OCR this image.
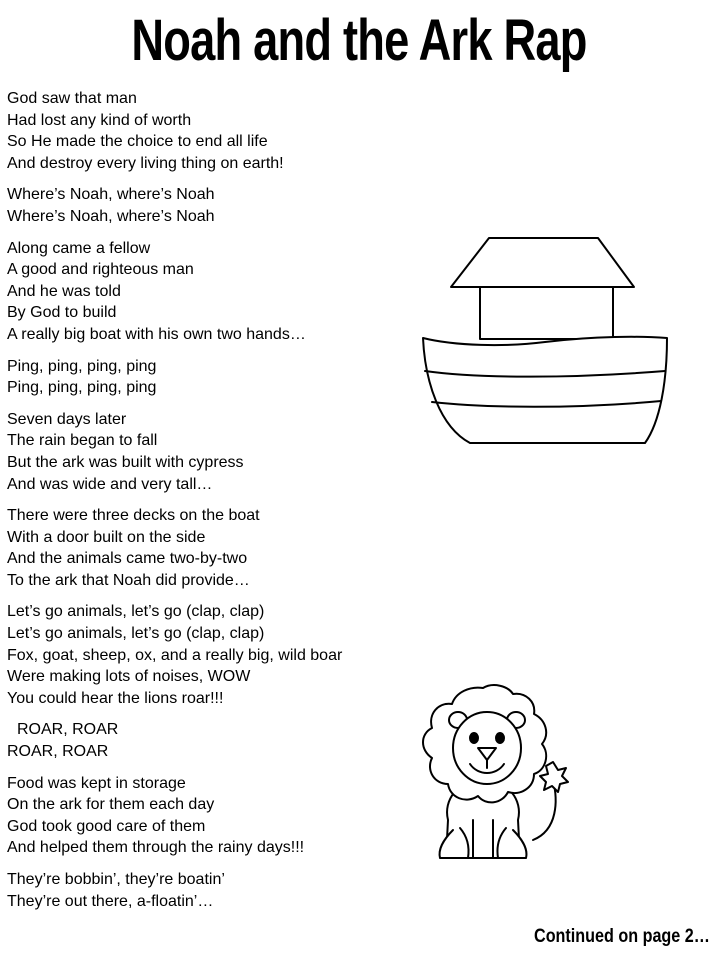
Noah and the Ark Rap
God saw that man
Had lost any kind of worth
So He made the choice to end all life
And destroy every living thing on earth!
Where’s Noah, where’s Noah
Where’s Noah, where’s Noah
Along came a fellow
A good and righteous man
And he was told
By God to build
A really big boat with his own two hands…
Ping, ping, ping, ping
Ping, ping, ping, ping
Seven days later
The rain began to fall
But the ark was built with cypress
And was wide and very tall…
There were three decks on the boat
With a door built on the side
And the animals came two-by-two
To the ark that Noah did provide…
Let’s go animals, let’s go (clap, clap)
Let’s go animals, let’s go (clap, clap)
Fox, goat, sheep, ox, and a really big, wild boar
Were making lots of noises, WOW
You could hear the lions roar!!!
ROAR, ROAR
ROAR, ROAR
Food was kept in storage
On the ark for them each day
God took good care of them
And helped them through the rainy days!!!
They’re bobbin’, they’re boatin’
They’re out there, a-floatin’…
Continued on page 2…
